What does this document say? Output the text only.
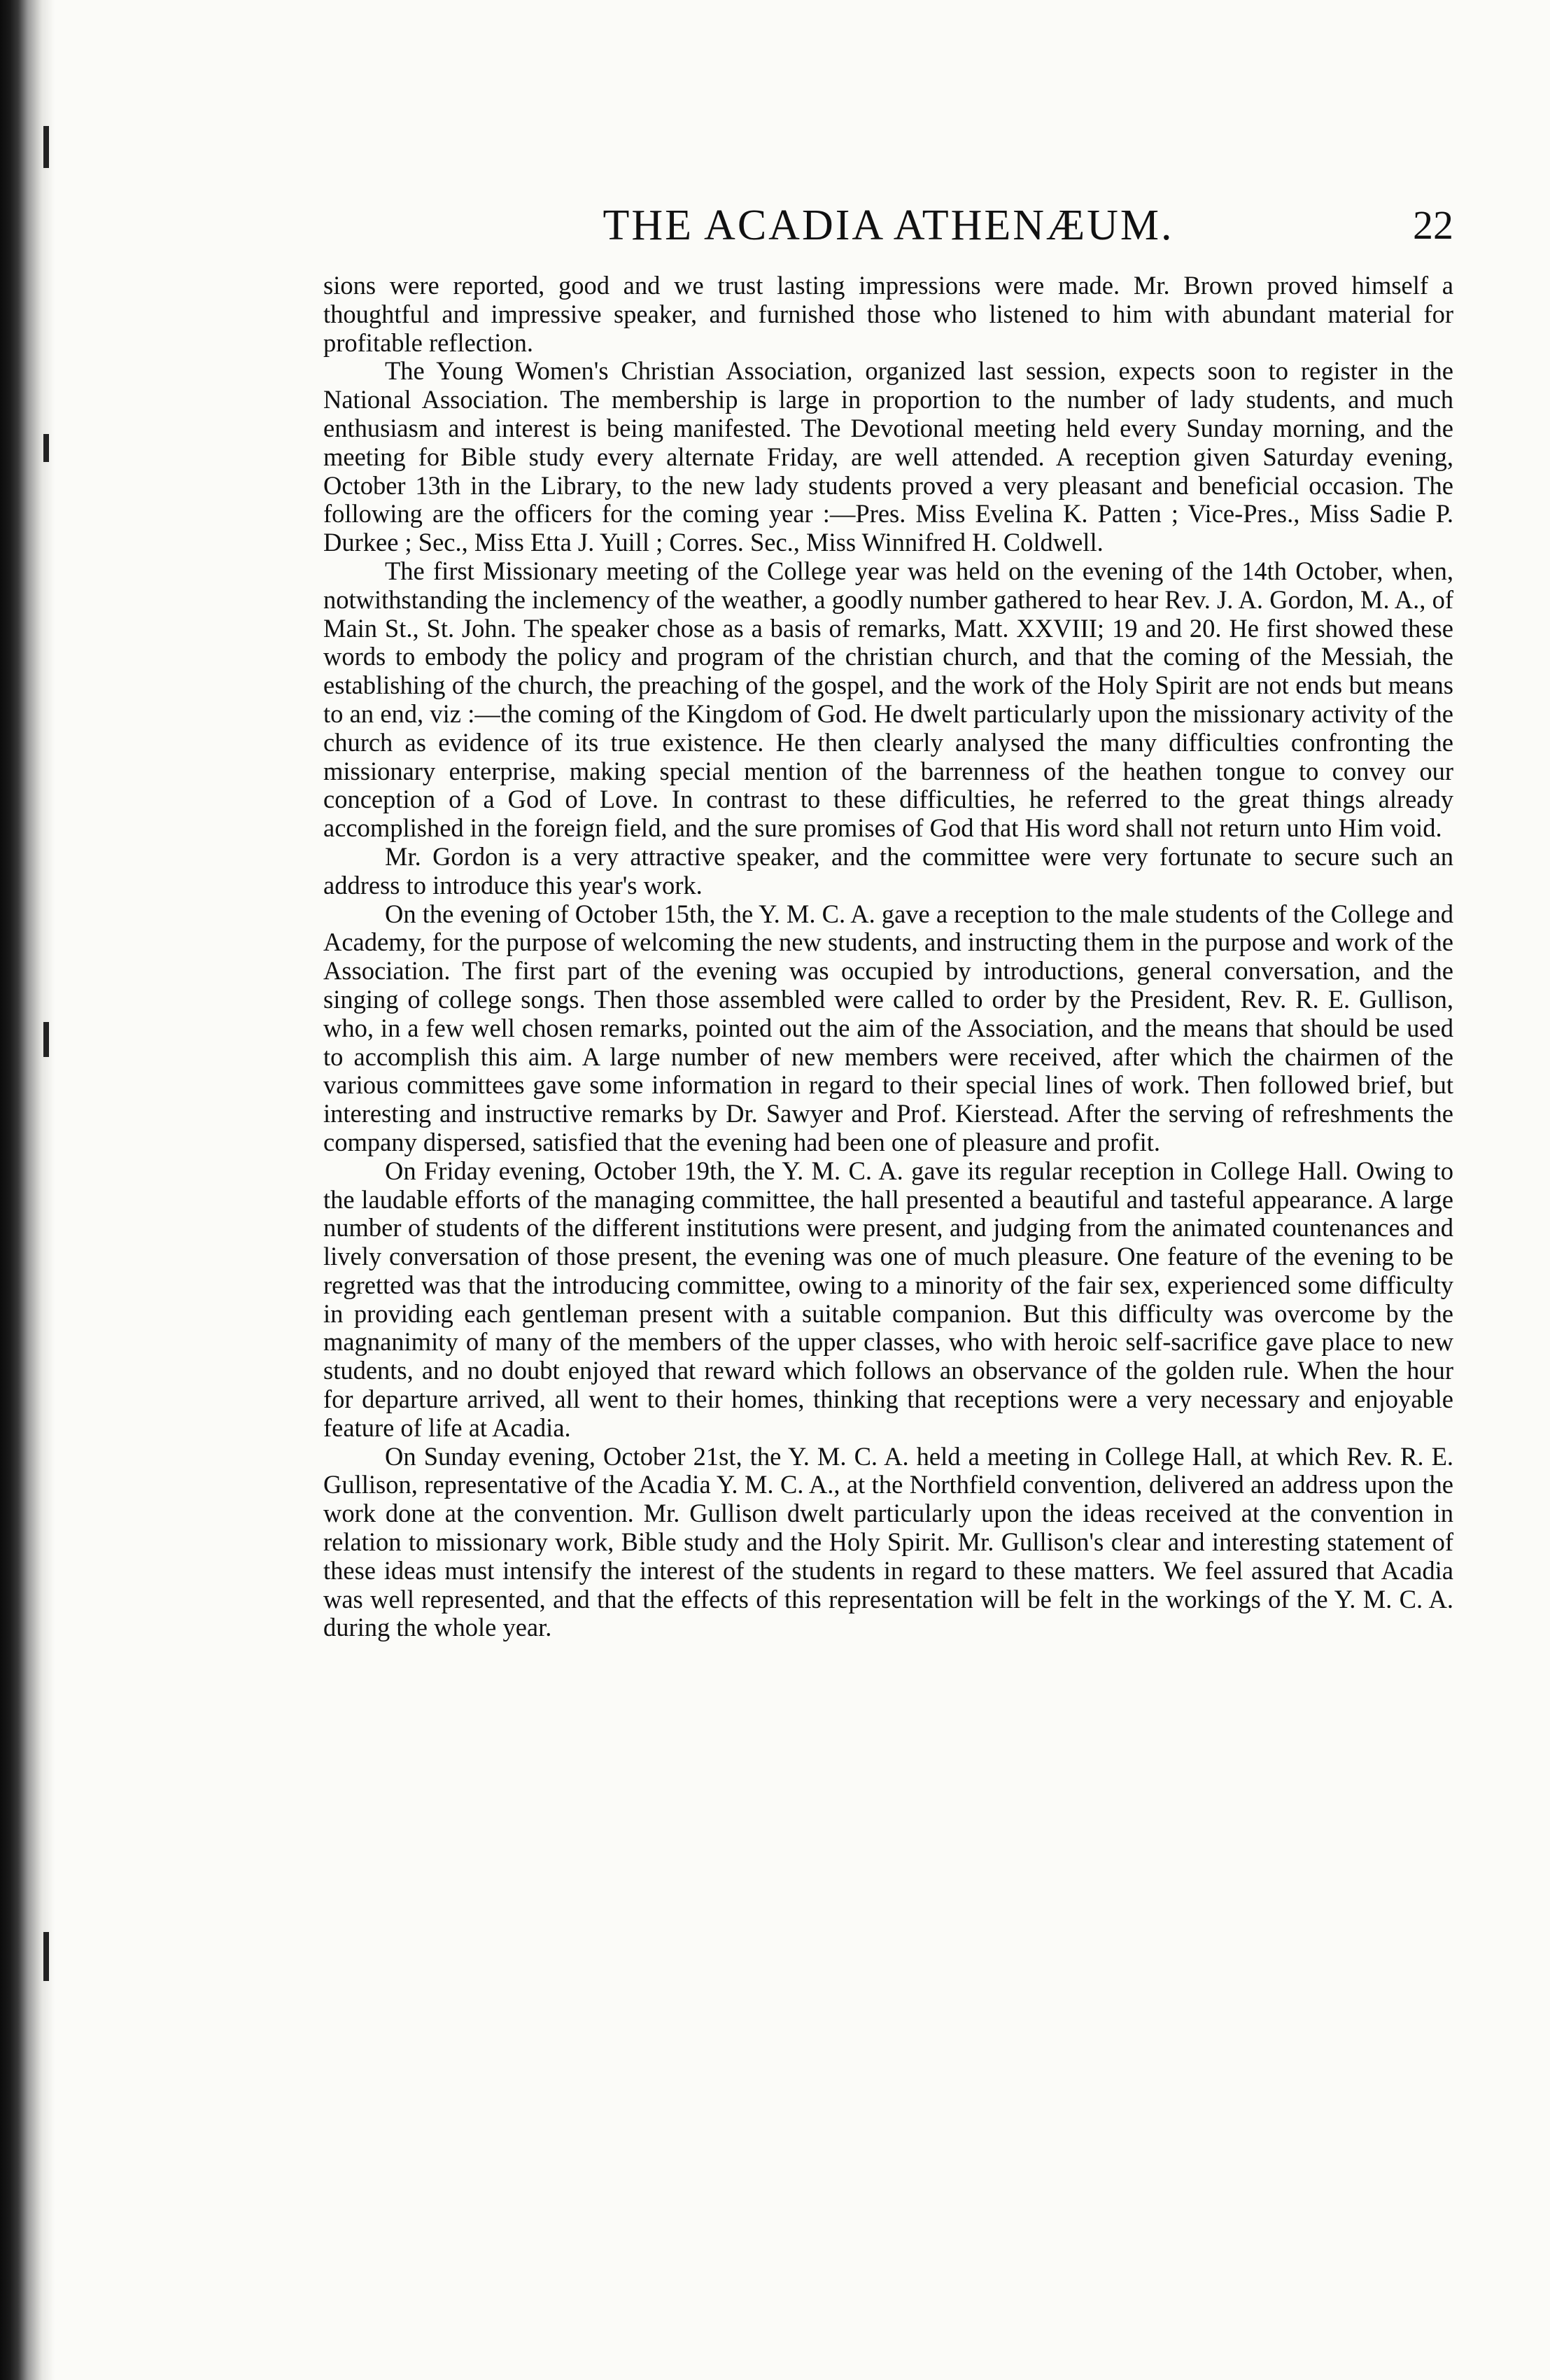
THE ACADIA ATHENÆUM.	22

sions were reported, good and we trust lasting impressions were made. Mr. Brown proved himself a thoughtful and impressive speaker, and furnished those who listened to him with abundant material for profitable reflection.

The Young Women's Christian Association, organized last session, expects soon to register in the National Association. The membership is large in proportion to the number of lady students, and much enthusiasm and interest is being manifested. The Devotional meeting held every Sunday morning, and the meeting for Bible study every alternate Friday, are well attended. A reception given Saturday evening, October 13th in the Library, to the new lady students proved a very pleasant and beneficial occasion. The following are the officers for the coming year :—Pres. Miss Evelina K. Patten ; Vice-Pres., Miss Sadie P. Durkee ; Sec., Miss Etta J. Yuill ; Corres. Sec., Miss Winnifred H. Coldwell.

The first Missionary meeting of the College year was held on the evening of the 14th October, when, notwithstanding the inclemency of the weather, a goodly number gathered to hear Rev. J. A. Gordon, M. A., of Main St., St. John. The speaker chose as a basis of remarks, Matt. XXVIII; 19 and 20. He first showed these words to embody the policy and program of the christian church, and that the coming of the Messiah, the establishing of the church, the preaching of the gospel, and the work of the Holy Spirit are not ends but means to an end, viz :—the coming of the Kingdom of God. He dwelt particularly upon the missionary activity of the church as evidence of its true existence. He then clearly analysed the many difficulties confronting the missionary enterprise, making special mention of the barrenness of the heathen tongue to convey our conception of a God of Love. In contrast to these difficulties, he referred to the great things already accomplished in the foreign field, and the sure promises of God that His word shall not return unto Him void.

Mr. Gordon is a very attractive speaker, and the committee were very fortunate to secure such an address to introduce this year's work.

On the evening of October 15th, the Y. M. C. A. gave a reception to the male students of the College and Academy, for the purpose of welcoming the new students, and instructing them in the purpose and work of the Association. The first part of the evening was occupied by introductions, general conversation, and the singing of college songs. Then those assembled were called to order by the President, Rev. R. E. Gullison, who, in a few well chosen remarks, pointed out the aim of the Association, and the means that should be used to accomplish this aim. A large number of new members were received, after which the chairmen of the various committees gave some information in regard to their special lines of work. Then followed brief, but interesting and instructive remarks by Dr. Sawyer and Prof. Kierstead. After the serving of refreshments the company dispersed, satisfied that the evening had been one of pleasure and profit.

On Friday evening, October 19th, the Y. M. C. A. gave its regular reception in College Hall. Owing to the laudable efforts of the managing committee, the hall presented a beautiful and tasteful appearance. A large number of students of the different institutions were present, and judging from the animated countenances and lively conversation of those present, the evening was one of much pleasure. One feature of the evening to be regretted was that the introducing committee, owing to a minority of the fair sex, experienced some difficulty in providing each gentleman present with a suitable companion. But this difficulty was overcome by the magnanimity of many of the members of the upper classes, who with heroic self-sacrifice gave place to new students, and no doubt enjoyed that reward which follows an observance of the golden rule. When the hour for departure arrived, all went to their homes, thinking that receptions were a very necessary and enjoyable feature of life at Acadia.

On Sunday evening, October 21st, the Y. M. C. A. held a meeting in College Hall, at which Rev. R. E. Gullison, representative of the Acadia Y. M. C. A., at the Northfield convention, delivered an address upon the work done at the convention. Mr. Gullison dwelt particularly upon the ideas received at the convention in relation to missionary work, Bible study and the Holy Spirit. Mr. Gullison's clear and interesting statement of these ideas must intensify the interest of the students in regard to these matters. We feel assured that Acadia was well represented, and that the effects of this representation will be felt in the workings of the Y. M. C. A. during the whole year.
